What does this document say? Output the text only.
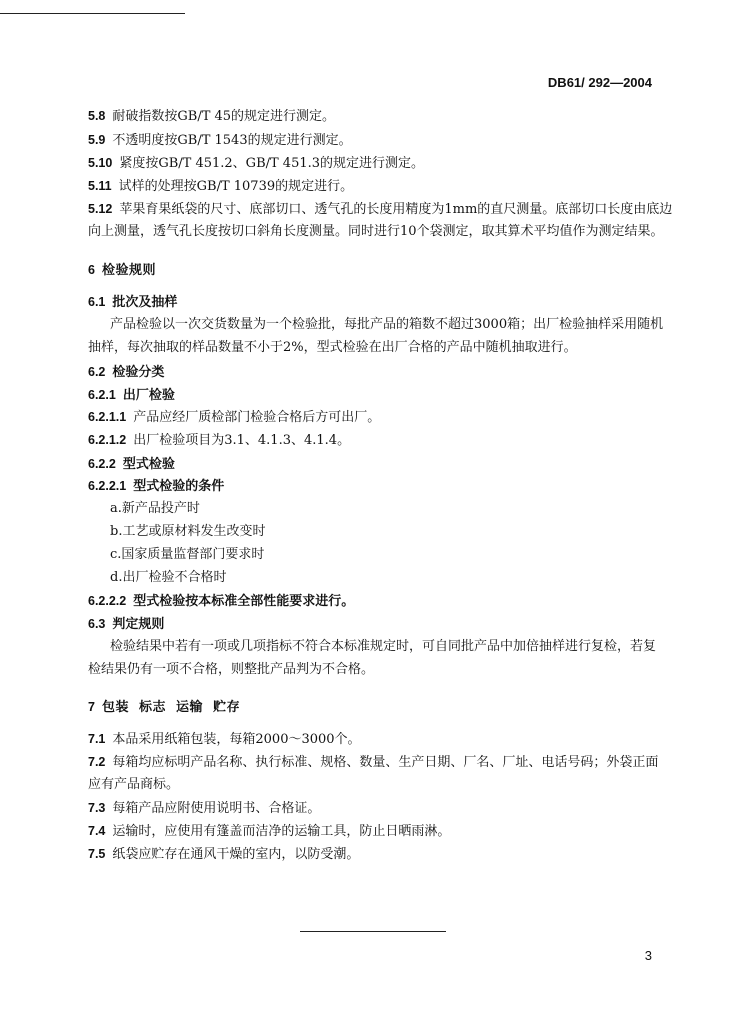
DB61/ 292—2004
5.8 耐破指数按GB/T 45的规定进行测定。
5.9 不透明度按GB/T 1543的规定进行测定。
5.10 紧度按GB/T 451.2、GB/T 451.3的规定进行测定。
5.11 试样的处理按GB/T 10739的规定进行。
5.12 苹果育果纸袋的尺寸、底部切口、透气孔的长度用精度为1mm的直尺测量。底部切口长度由底边
向上测量，透气孔长度按切口斜角长度测量。同时进行10个袋测定，取其算术平均值作为测定结果。
6 检验规则
6.1 批次及抽样
产品检验以一次交货数量为一个检验批，每批产品的箱数不超过3000箱；出厂检验抽样采用随机
抽样，每次抽取的样品数量不小于2%，型式检验在出厂合格的产品中随机抽取进行。
6.2 检验分类
6.2.1 出厂检验
6.2.1.1 产品应经厂质检部门检验合格后方可出厂。
6.2.1.2 出厂检验项目为3.1、4.1.3、4.1.4。
6.2.2 型式检验
6.2.2.1 型式检验的条件
a.新产品投产时
b.工艺或原材料发生改变时
c.国家质量监督部门要求时
d.出厂检验不合格时
6.2.2.2 型式检验按本标准全部性能要求进行。
6.3 判定规则
检验结果中若有一项或几项指标不符合本标准规定时，可自同批产品中加倍抽样进行复检，若复
检结果仍有一项不合格，则整批产品判为不合格。
7 包装  标志  运输  贮存
7.1 本品采用纸箱包装，每箱2000～3000个。
7.2 每箱均应标明产品名称、执行标准、规格、数量、生产日期、厂名、厂址、电话号码；外袋正面
应有产品商标。
7.3 每箱产品应附使用说明书、合格证。
7.4 运输时，应使用有篷盖而洁净的运输工具，防止日晒雨淋。
7.5 纸袋应贮存在通风干燥的室内，以防受潮。
3
